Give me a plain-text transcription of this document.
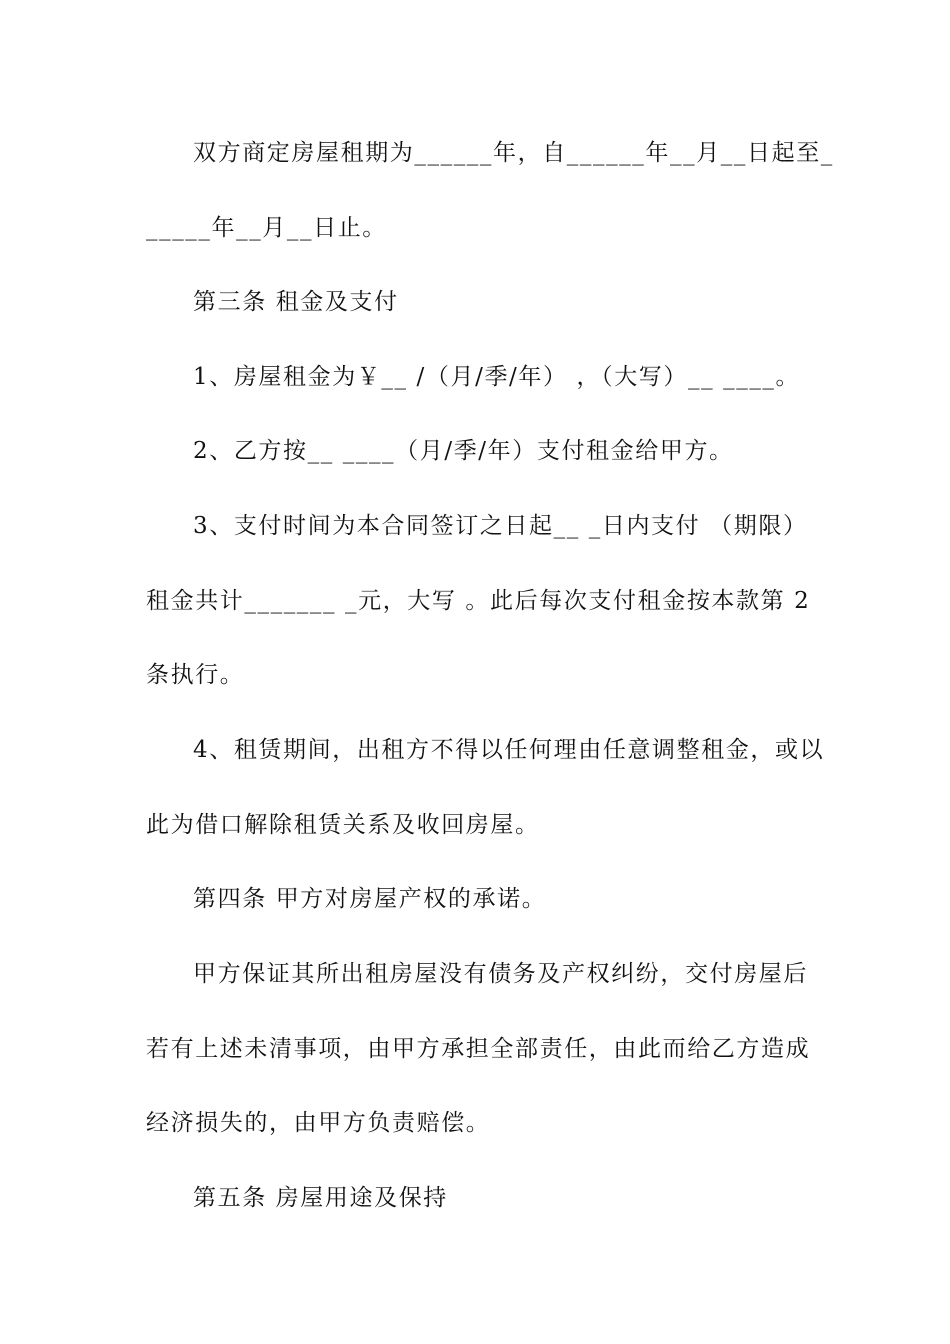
双方商定房屋租期为______年，自______年__月__日起至_
_____年__月__日止。
第三条 租金及支付
1、房屋租金为￥__ /（月/季/年） ，（大写）__ ____。
2、乙方按__ ____（月/季/年）支付租金给甲方。
3、支付时间为本合同签订之日起__ _日内支付 （期限）
租金共计_______ _元，大写 。此后每次支付租金按本款第 2
条执行。
4、租赁期间，出租方不得以任何理由任意调整租金，或以
此为借口解除租赁关系及收回房屋。
第四条 甲方对房屋产权的承诺。
甲方保证其所出租房屋没有债务及产权纠纷，交付房屋后
若有上述未清事项，由甲方承担全部责任，由此而给乙方造成
经济损失的，由甲方负责赔偿。
第五条 房屋用途及保持
